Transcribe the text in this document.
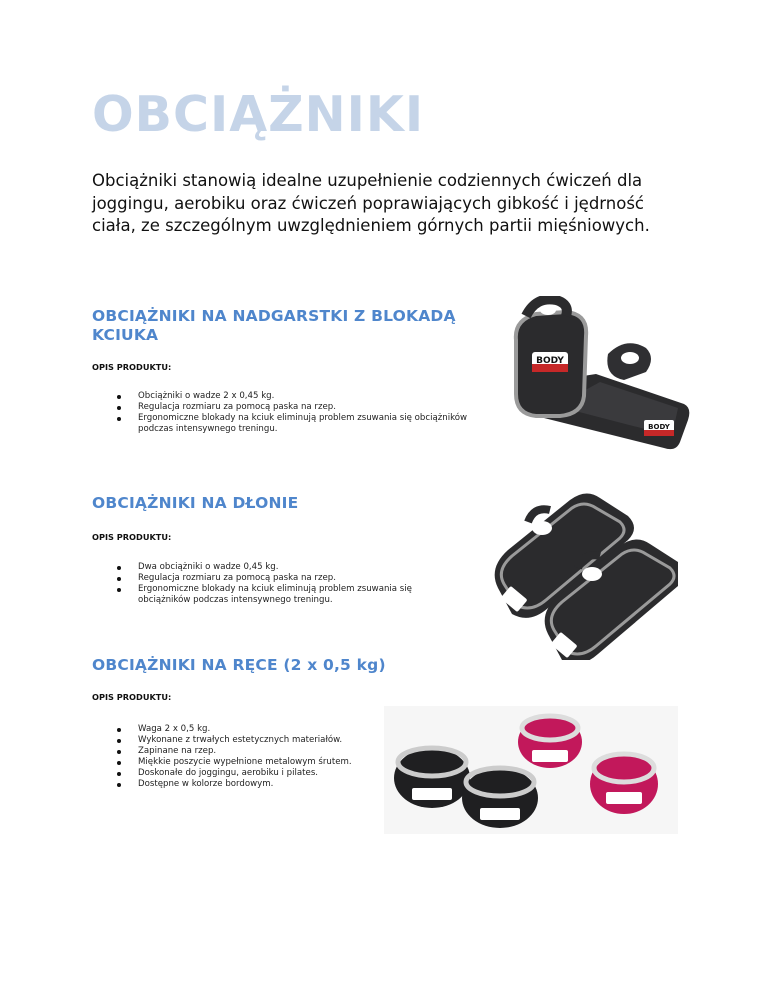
OBCIĄŻNIKI

Obciążniki stanowią idealne uzupełnienie codziennych ćwiczeń dla joggingu, aerobiku oraz ćwiczeń poprawiających gibkość i jędrność ciała, ze szczególnym uwzględnieniem górnych partii mięśniowych.

OBCIĄŻNIKI NA NADGARSTKI Z BLOKADĄ KCIUKA

OPIS PRODUKTU:

Obciążniki o wadze 2 x 0,45 kg.
Regulacja rozmiaru za pomocą paska na rzep.
Ergonomiczne blokady na kciuk eliminują problem zsuwania się obciążników podczas intensywnego treningu.
OBCIĄŻNIKI NA DŁONIE

OPIS PRODUKTU:

Dwa obciążniki o wadze 0,45 kg.
Regulacja rozmiaru za pomocą paska na rzep.
Ergonomiczne blokady na kciuk eliminują problem zsuwania się obciążników podczas intensywnego treningu.
OBCIĄŻNIKI NA RĘCE (2 x 0,5 kg)

OPIS PRODUKTU:

Waga 2 x 0,5 kg.
Wykonane z trwałych estetycznych materiałów.
Zapinane na rzep.
Miękkie poszycie wypełnione metalowym śrutem.
Doskonałe do joggingu, aerobiku i pilates.
Dostępne w kolorze bordowym.
BODY
BODY
